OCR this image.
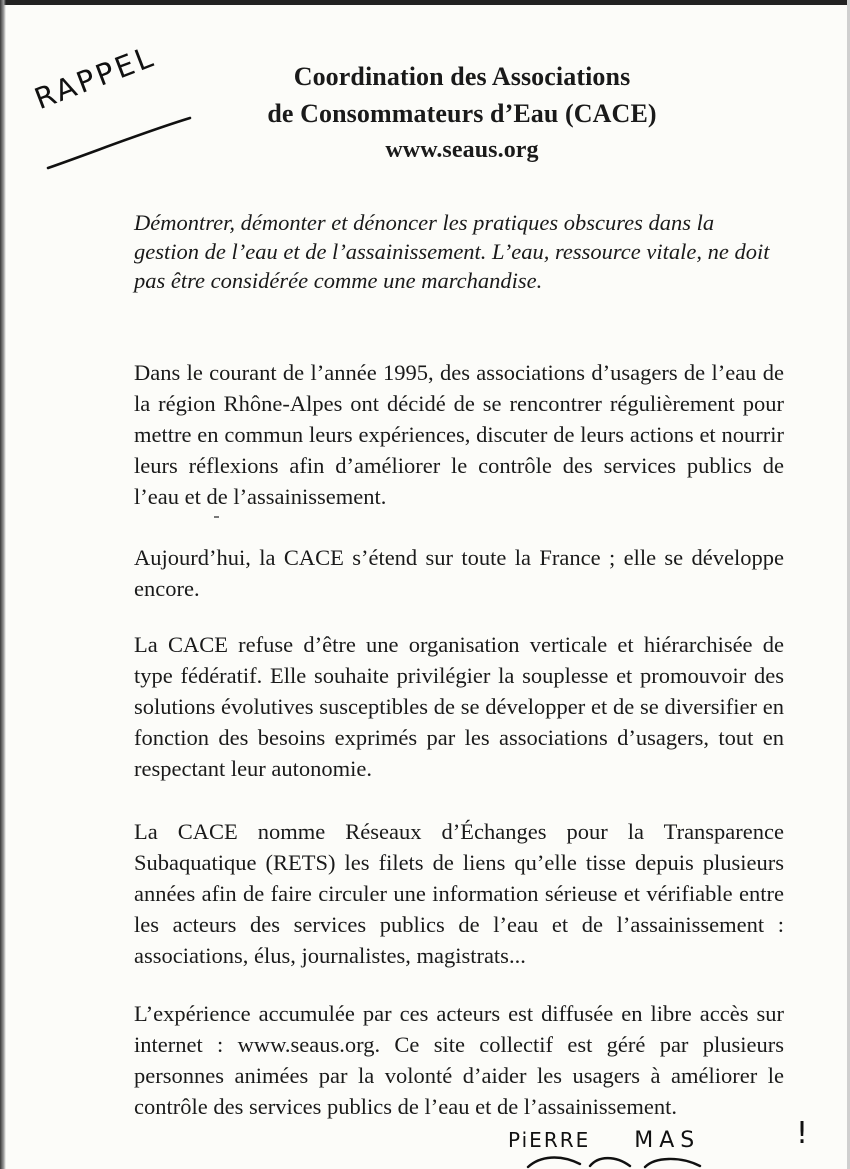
RAPPEL	Coordination des Associations
de Consommateurs d’Eau (CACE)
www.seaus.org
Démontrer, démonter et dénoncer les pratiques obscures dans la gestion de l’eau et de l’assainissement. L’eau, ressource vitale, ne doit pas être considérée comme une marchandise.
Dans le courant de l’année 1995, des associations d’usagers de l’eau de la région Rhône-Alpes ont décidé de se rencontrer régulièrement pour mettre en commun leurs expériences, discuter de leurs actions et nourrir leurs réflexions afin d’améliorer le contrôle des services publics de l’eau et de l’assainissement.
Aujourd’hui, la CACE s’étend sur toute la France ; elle se développe encore.
La CACE refuse d’être une organisation verticale et hiérarchisée de type fédératif. Elle souhaite privilégier la souplesse et promouvoir des solutions évolutives susceptibles de se développer et de se diversifier en fonction des besoins exprimés par les associations d’usagers, tout en respectant leur autonomie.
La CACE nomme Réseaux d’Échanges pour la Transparence Subaquatique (RETS) les filets de liens qu’elle tisse depuis plusieurs années afin de faire circuler une information sérieuse et vérifiable entre les acteurs des services publics de l’eau et de l’assainissement : associations, élus, journalistes, magistrats...
L’expérience accumulée par ces acteurs est diffusée en libre accès sur internet : www.seaus.org. Ce site collectif est géré par plusieurs personnes animées par la volonté d’aider les usagers à améliorer le contrôle des services publics de l’eau et de l’assainissement.
PiERRE MAS	!
